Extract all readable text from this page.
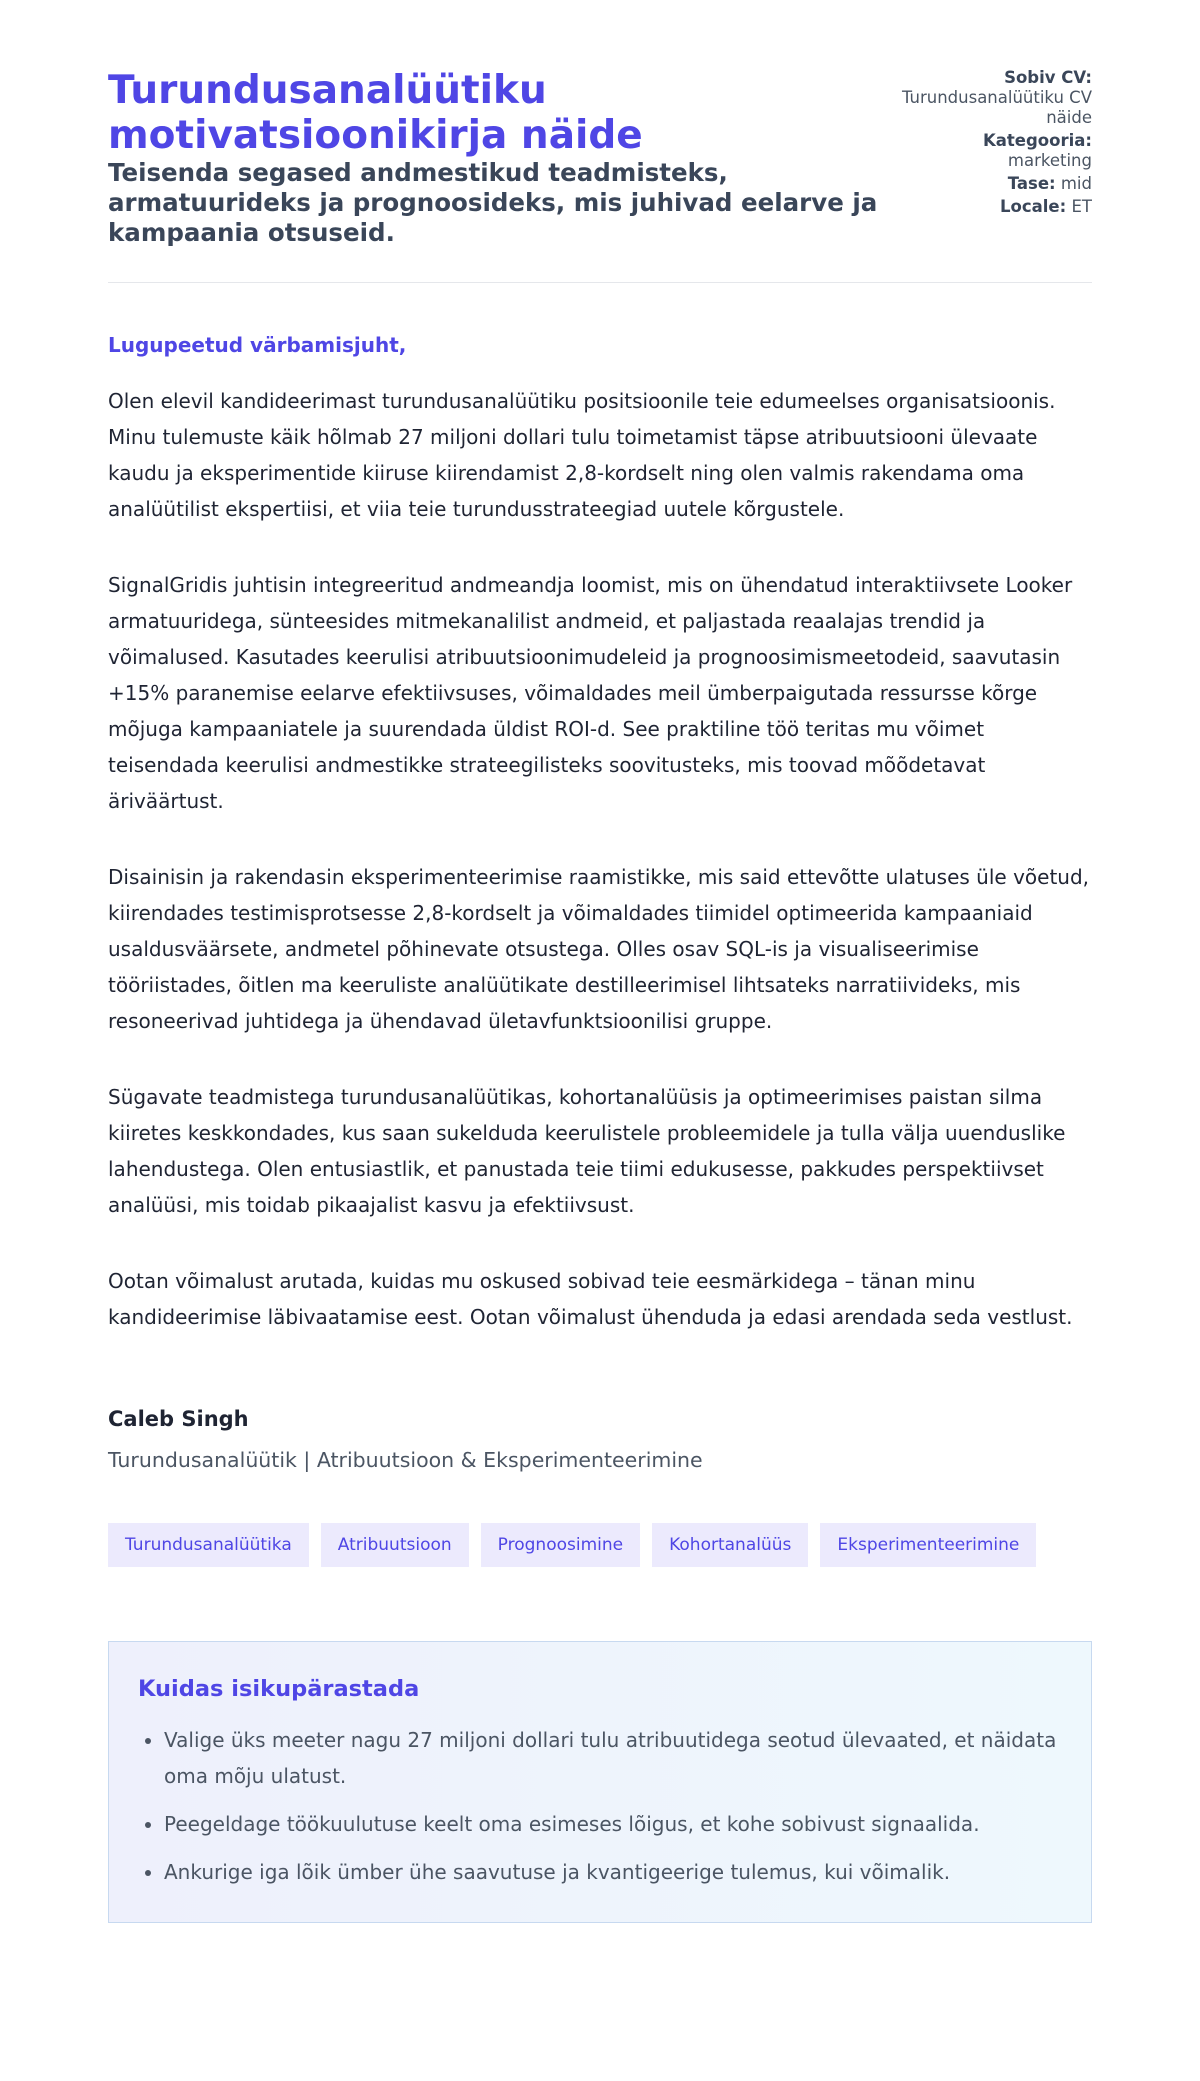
Turundusanalüütiku motivatsioonikirja näide

Teisenda segased andmestikud teadmisteks, armatuurideks ja prognoosideks, mis juhivad eelarve ja kampaania otsuseid.

Sobiv CV:
Turundusanalüütiku CV näide
Kategooria:
marketing
Tase: mid
Locale: ET
Lugupeetud värbamisjuht,

Olen elevil kandideerimast turundusanalüütiku positsioonile teie edumeelses organisatsioonis. Minu tulemuste käik hõlmab 27 miljoni dollari tulu toimetamist täpse atribuutsiooni ülevaate kaudu ja eksperimentide kiiruse kiirendamist 2,8-kordselt ning olen valmis rakendama oma analüütilist ekspertiisi, et viia teie turundusstrateegiad uutele kõrgustele.

SignalGridis juhtisin integreeritud andmeandja loomist, mis on ühendatud interaktiivsete Looker armatuuridega, sünteesides mitmekanalilist andmeid, et paljastada reaalajas trendid ja võimalused. Kasutades keerulisi atribuutsioonimudeleid ja prognoosimismeetodeid, saavutasin +15% paranemise eelarve efektiivsuses, võimaldades meil ümberpaigutada ressursse kõrge mõjuga kampaaniatele ja suurendada üldist ROI-d. See praktiline töö teritas mu võimet teisendada keerulisi andmestikke strateegilisteks soovitusteks, mis toovad mõõdetavat äriväärtust.

Disainisin ja rakendasin eksperimenteerimise raamistikke, mis said ettevõtte ulatuses üle võetud, kiirendades testimisprotsesse 2,8-kordselt ja võimaldades tiimidel optimeerida kampaaniaid usaldusväärsete, andmetel põhinevate otsustega. Olles osav SQL-is ja visualiseerimise tööriistades, õitlen ma keeruliste analüütikate destilleerimisel lihtsateks narratiivideks, mis resoneerivad juhtidega ja ühendavad ületavfunktsioonilisi gruppe.

Sügavate teadmistega turundusanalüütikas, kohortanalüüsis ja optimeerimises paistan silma kiiretes keskkondades, kus saan sukelduda keerulistele probleemidele ja tulla välja uuenduslike lahendustega. Olen entusiastlik, et panustada teie tiimi edukusesse, pakkudes perspektiivset analüüsi, mis toidab pikaajalist kasvu ja efektiivsust.

Ootan võimalust arutada, kuidas mu oskused sobivad teie eesmärkidega – tänan minu kandideerimise läbivaatamise eest. Ootan võimalust ühenduda ja edasi arendada seda vestlust.

Caleb Singh
Turundusanalüütik | Atribuutsioon & Eksperimenteerimine
Turundusanalüütika	Atribuutsioon	Prognoosimine	Kohortanalüüs	Eksperimenteerimine
Kuidas isikupärastada
• Valige üks meeter nagu 27 miljoni dollari tulu atribuutidega seotud ülevaated, et näidata oma mõju ulatust.
• Peegeldage töökuulutuse keelt oma esimeses lõigus, et kohe sobivust signaalida.
• Ankurige iga lõik ümber ühe saavutuse ja kvantigeerige tulemus, kui võimalik.
